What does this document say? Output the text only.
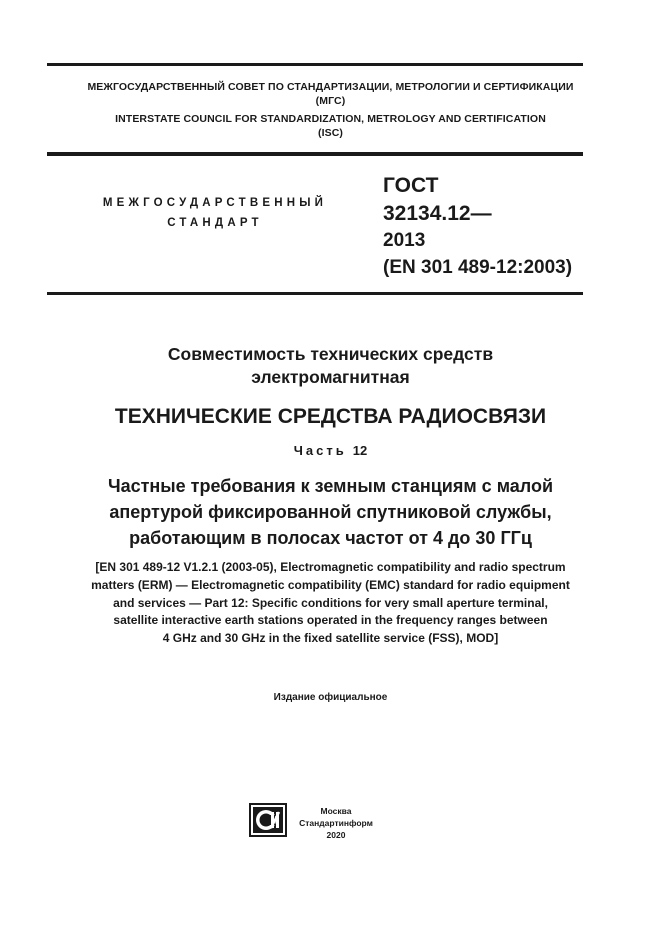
МЕЖГОСУДАРСТВЕННЫЙ СОВЕТ ПО СТАНДАРТИЗАЦИИ, МЕТРОЛОГИИ И СЕРТИФИКАЦИИ
(МГС)
INTERSTATE COUNCIL FOR STANDARDIZATION, METROLOGY AND CERTIFICATION
(ISC)
МЕЖГОСУДАРСТВЕННЫЙ
СТАНДАРТ
ГОСТ
32134.12—
2013
(EN 301 489-12:2003)
Совместимость технических средств
электромагнитная
ТЕХНИЧЕСКИЕ СРЕДСТВА РАДИОСВЯЗИ
Часть 12
Частные требования к земным станциям с малой
апертурой фиксированной спутниковой службы,
работающим в полосах частот от 4 до 30 ГГц
[EN 301 489-12 V1.2.1 (2003-05), Electromagnetic compatibility and radio spectrum
matters (ERM) — Electromagnetic compatibility (EMC) standard for radio equipment
and services — Part 12: Specific conditions for very small aperture terminal,
satellite interactive earth stations operated in the frequency ranges between
4 GHz and 30 GHz in the fixed satellite service (FSS), MOD]
Издание официальное
Москва
Стандартинформ
2020
